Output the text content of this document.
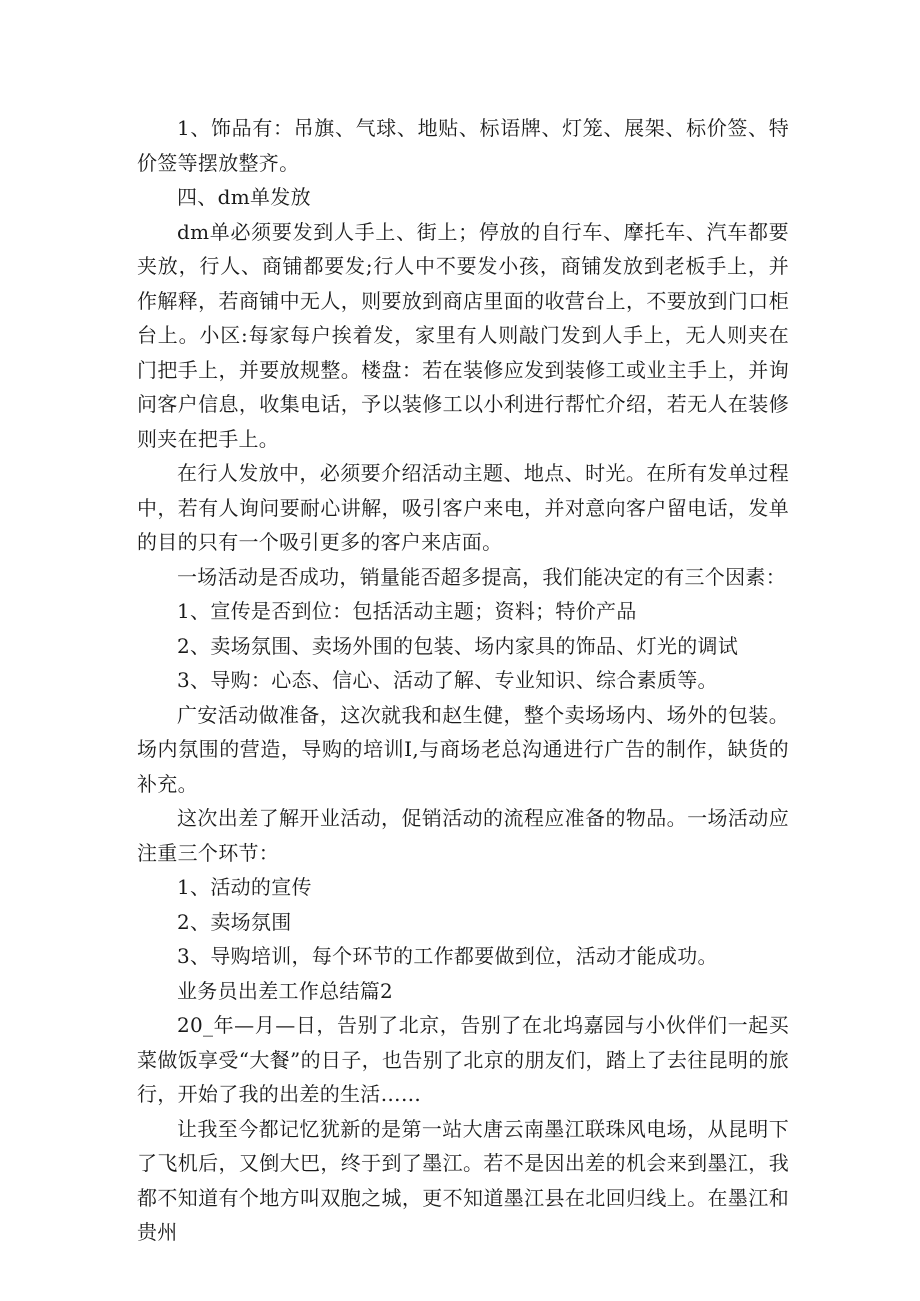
1、饰品有：吊旗、气球、地贴、标语牌、灯笼、展架、标价签、特价签等摆放整齐。

四、dm单发放

dm单必须要发到人手上、街上；停放的自行车、摩托车、汽车都要夹放，行人、商铺都要发;行人中不要发小孩，商铺发放到老板手上，并作解释，若商铺中无人，则要放到商店里面的收营台上，不要放到门口柜台上。小区:每家每户挨着发，家里有人则敲门发到人手上，无人则夹在门把手上，并要放规整。楼盘：若在装修应发到装修工或业主手上，并询问客户信息，收集电话，予以装修工以小利进行帮忙介绍，若无人在装修则夹在把手上。

在行人发放中，必须要介绍活动主题、地点、时光。在所有发单过程中，若有人询问要耐心讲解，吸引客户来电，并对意向客户留电话，发单的目的只有一个吸引更多的客户来店面。

一场活动是否成功，销量能否超多提高，我们能决定的有三个因素：

1、宣传是否到位：包括活动主题；资料；特价产品

2、卖场氛围、卖场外围的包装、场内家具的饰品、灯光的调试

3、导购：心态、信心、活动了解、专业知识、综合素质等。

广安活动做准备，这次就我和赵生健，整个卖场场内、场外的包装。场内氛围的营造，导购的培训I,与商场老总沟通进行广告的制作，缺货的补充。

这次出差了解开业活动，促销活动的流程应准备的物品。一场活动应注重三个环节：

1、活动的宣传

2、卖场氛围

3、导购培训，每个环节的工作都要做到位，活动才能成功。

业务员出差工作总结篇2

20_年—月—日，告别了北京，告别了在北坞嘉园与小伙伴们一起买菜做饭享受“大餐”的日子，也告别了北京的朋友们，踏上了去往昆明的旅行，开始了我的出差的生活……

让我至今都记忆犹新的是第一站大唐云南墨江联珠风电场，从昆明下了飞机后，又倒大巴，终于到了墨江。若不是因出差的机会来到墨江，我都不知道有个地方叫双胞之城，更不知道墨江县在北回归线上。在墨江和贵州
